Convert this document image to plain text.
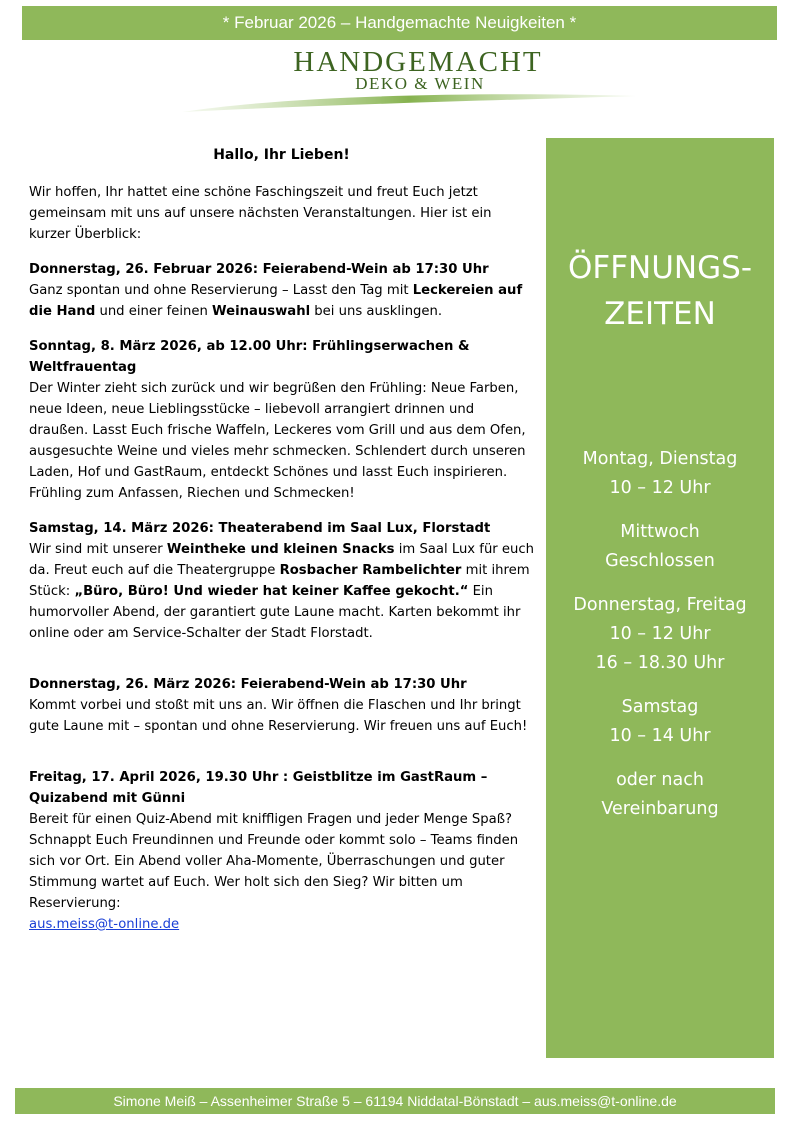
* Februar 2026 – Handgemachte Neuigkeiten *
HANDGEMACHT
DEKO & WEIN
Hallo, Ihr Lieben!
Wir hoffen, Ihr hattet eine schöne Faschingszeit und freut Euch jetzt gemeinsam mit uns auf unsere nächsten Veranstaltungen. Hier ist ein kurzer Überblick:
Donnerstag, 26. Februar 2026: Feierabend-Wein ab 17:30 Uhr
Ganz spontan und ohne Reservierung – Lasst den Tag mit Leckereien auf die Hand und einer feinen Weinauswahl bei uns ausklingen.
Sonntag, 8. März 2026, ab 12.00 Uhr: Frühlingserwachen & Weltfrauentag
Der Winter zieht sich zurück und wir begrüßen den Frühling: Neue Farben, neue Ideen, neue Lieblingsstücke – liebevoll arrangiert drinnen und draußen. Lasst Euch frische Waffeln, Leckeres vom Grill und aus dem Ofen, ausgesuchte Weine und vieles mehr schmecken. Schlendert durch unseren Laden, Hof und GastRaum, entdeckt Schönes und lasst Euch inspirieren. Frühling zum Anfassen, Riechen und Schmecken!
Samstag, 14. März 2026: Theaterabend im Saal Lux, Florstadt
Wir sind mit unserer Weintheke und kleinen Snacks im Saal Lux für euch da. Freut euch auf die Theatergruppe Rosbacher Rambelichter mit ihrem Stück: „Büro, Büro! Und wieder hat keiner Kaffee gekocht.“ Ein humorvoller Abend, der garantiert gute Laune macht. Karten bekommt ihr online oder am Service-Schalter der Stadt Florstadt.
Donnerstag, 26. März 2026: Feierabend-Wein ab 17:30 Uhr
Kommt vorbei und stoßt mit uns an. Wir öffnen die Flaschen und Ihr bringt gute Laune mit – spontan und ohne Reservierung. Wir freuen uns auf Euch!
Freitag, 17. April 2026, 19.30 Uhr : Geistblitze im GastRaum – Quizabend mit Günni
Bereit für einen Quiz-Abend mit kniffligen Fragen und jeder Menge Spaß? Schnappt Euch Freundinnen und Freunde oder kommt solo – Teams finden sich vor Ort. Ein Abend voller Aha-Momente, Überraschungen und guter Stimmung wartet auf Euch. Wer holt sich den Sieg? Wir bitten um Reservierung:
aus.meiss@t-online.de
ÖFFNUNGS-
ZEITEN
Montag, Dienstag
10 – 12 Uhr
Mittwoch
Geschlossen
Donnerstag, Freitag
10 – 12 Uhr
16 – 18.30 Uhr
Samstag
10 – 14 Uhr
oder nach
Vereinbarung
Simone Meiß – Assenheimer Straße 5 – 61194 Niddatal-Bönstadt – aus.meiss@t-online.de
